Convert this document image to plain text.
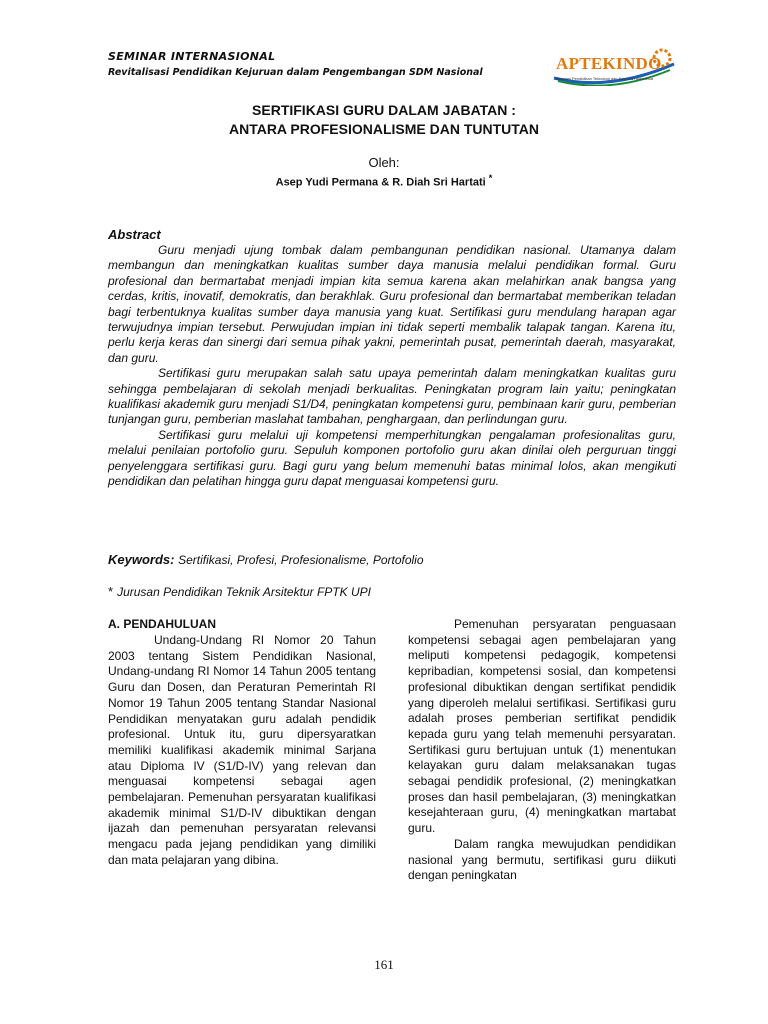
SEMINAR INTERNASIONAL
Revitalisasi Pendidikan Kejuruan dalam Pengembangan SDM Nasional	APTEKINDO
Asosiasi Pendidikan Teknologi dan Kejuruan Indonesia
SERTIFIKASI GURU DALAM JABATAN :
ANTARA PROFESIONALISME DAN TUNTUTAN
Oleh:
Asep Yudi Permana & R. Diah Sri Hartati *
Abstract

Guru menjadi ujung tombak dalam pembangunan pendidikan nasional. Utamanya dalam membangun dan meningkatkan kualitas sumber daya manusia melalui pendidikan formal. Guru profesional dan bermartabat menjadi impian kita semua karena akan melahirkan anak bangsa yang cerdas, kritis, inovatif, demokratis, dan berakhlak. Guru profesional dan bermartabat memberikan teladan bagi terbentuknya kualitas sumber daya manusia yang kuat. Sertifikasi guru mendulang harapan agar terwujudnya impian tersebut. Perwujudan impian ini tidak seperti membalik talapak tangan. Karena itu, perlu kerja keras dan sinergi dari semua pihak yakni, pemerintah pusat, pemerintah daerah, masyarakat, dan guru.

Sertifikasi guru merupakan salah satu upaya pemerintah dalam meningkatkan kualitas guru sehingga pembelajaran di sekolah menjadi berkualitas. Peningkatan program lain yaitu; peningkatan kualifikasi akademik guru menjadi S1/D4, peningkatan kompetensi guru, pembinaan karir guru, pemberian tunjangan guru, pemberian maslahat tambahan, penghargaan, dan perlindungan guru.

Sertifikasi guru melalui uji kompetensi memperhitungkan pengalaman profesionalitas guru, melalui penilaian portofolio guru. Sepuluh komponen portofolio guru akan dinilai oleh perguruan tinggi penyelenggara sertifikasi guru. Bagi guru yang belum memenuhi batas minimal lolos, akan mengikuti pendidikan dan pelatihan hingga guru dapat menguasai kompetensi guru.

Keywords: Sertifikasi, Profesi, Profesionalisme, Portofolio
* Jurusan Pendidikan Teknik Arsitektur FPTK UPI
A. PENDAHULUAN

Undang-Undang RI Nomor 20 Tahun 2003 tentang Sistem Pendidikan Nasional, Undang-undang RI Nomor 14 Tahun 2005 tentang Guru dan Dosen, dan Peraturan Pemerintah RI Nomor 19 Tahun 2005 tentang Standar Nasional Pendidikan menyatakan guru adalah pendidik profesional. Untuk itu, guru dipersyaratkan memiliki kualifikasi akademik minimal Sarjana atau Diploma IV (S1/D-IV) yang relevan dan menguasai kompetensi sebagai agen pembelajaran. Pemenuhan persyaratan kualifikasi akademik minimal S1/D-IV dibuktikan dengan ijazah dan pemenuhan persyaratan relevansi mengacu pada jejang pendidikan yang dimiliki dan mata pelajaran yang dibina.

Pemenuhan persyaratan penguasaan kompetensi sebagai agen pembelajaran yang meliputi kompetensi pedagogik, kompetensi kepribadian, kompetensi sosial, dan kompetensi profesional dibuktikan dengan sertifikat pendidik yang diperoleh melalui sertifikasi. Sertifikasi guru adalah proses pemberian sertifikat pendidik kepada guru yang telah memenuhi persyaratan. Sertifikasi guru bertujuan untuk (1) menentukan kelayakan guru dalam melaksanakan tugas sebagai pendidik profesional, (2) meningkatkan proses dan hasil pembelajaran, (3) meningkatkan kesejahteraan guru, (4) meningkatkan martabat guru.

Dalam rangka mewujudkan pendidikan nasional yang bermutu, sertifikasi guru diikuti dengan peningkatan

161
